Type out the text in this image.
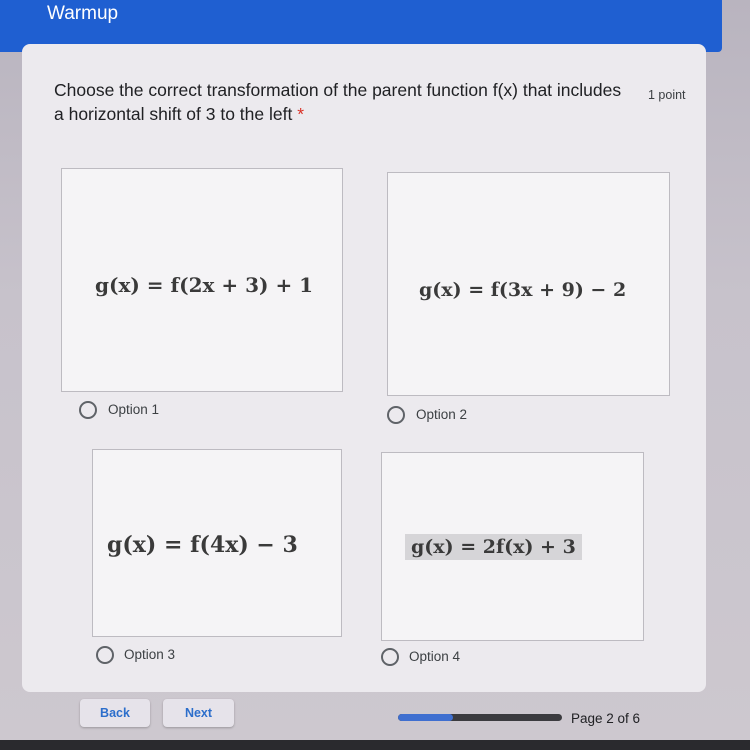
Warmup
Choose the correct transformation of the parent function f(x) that includes
a horizontal shift of 3 to the left *
1 point
g(x) = f(2x + 3) + 1
Option 1
g(x) = f(3x + 9) − 2
Option 2
g(x) = f(4x) − 3
Option 3
g(x) = 2f(x) + 3
Option 4
Back	Next	Page 2 of 6
